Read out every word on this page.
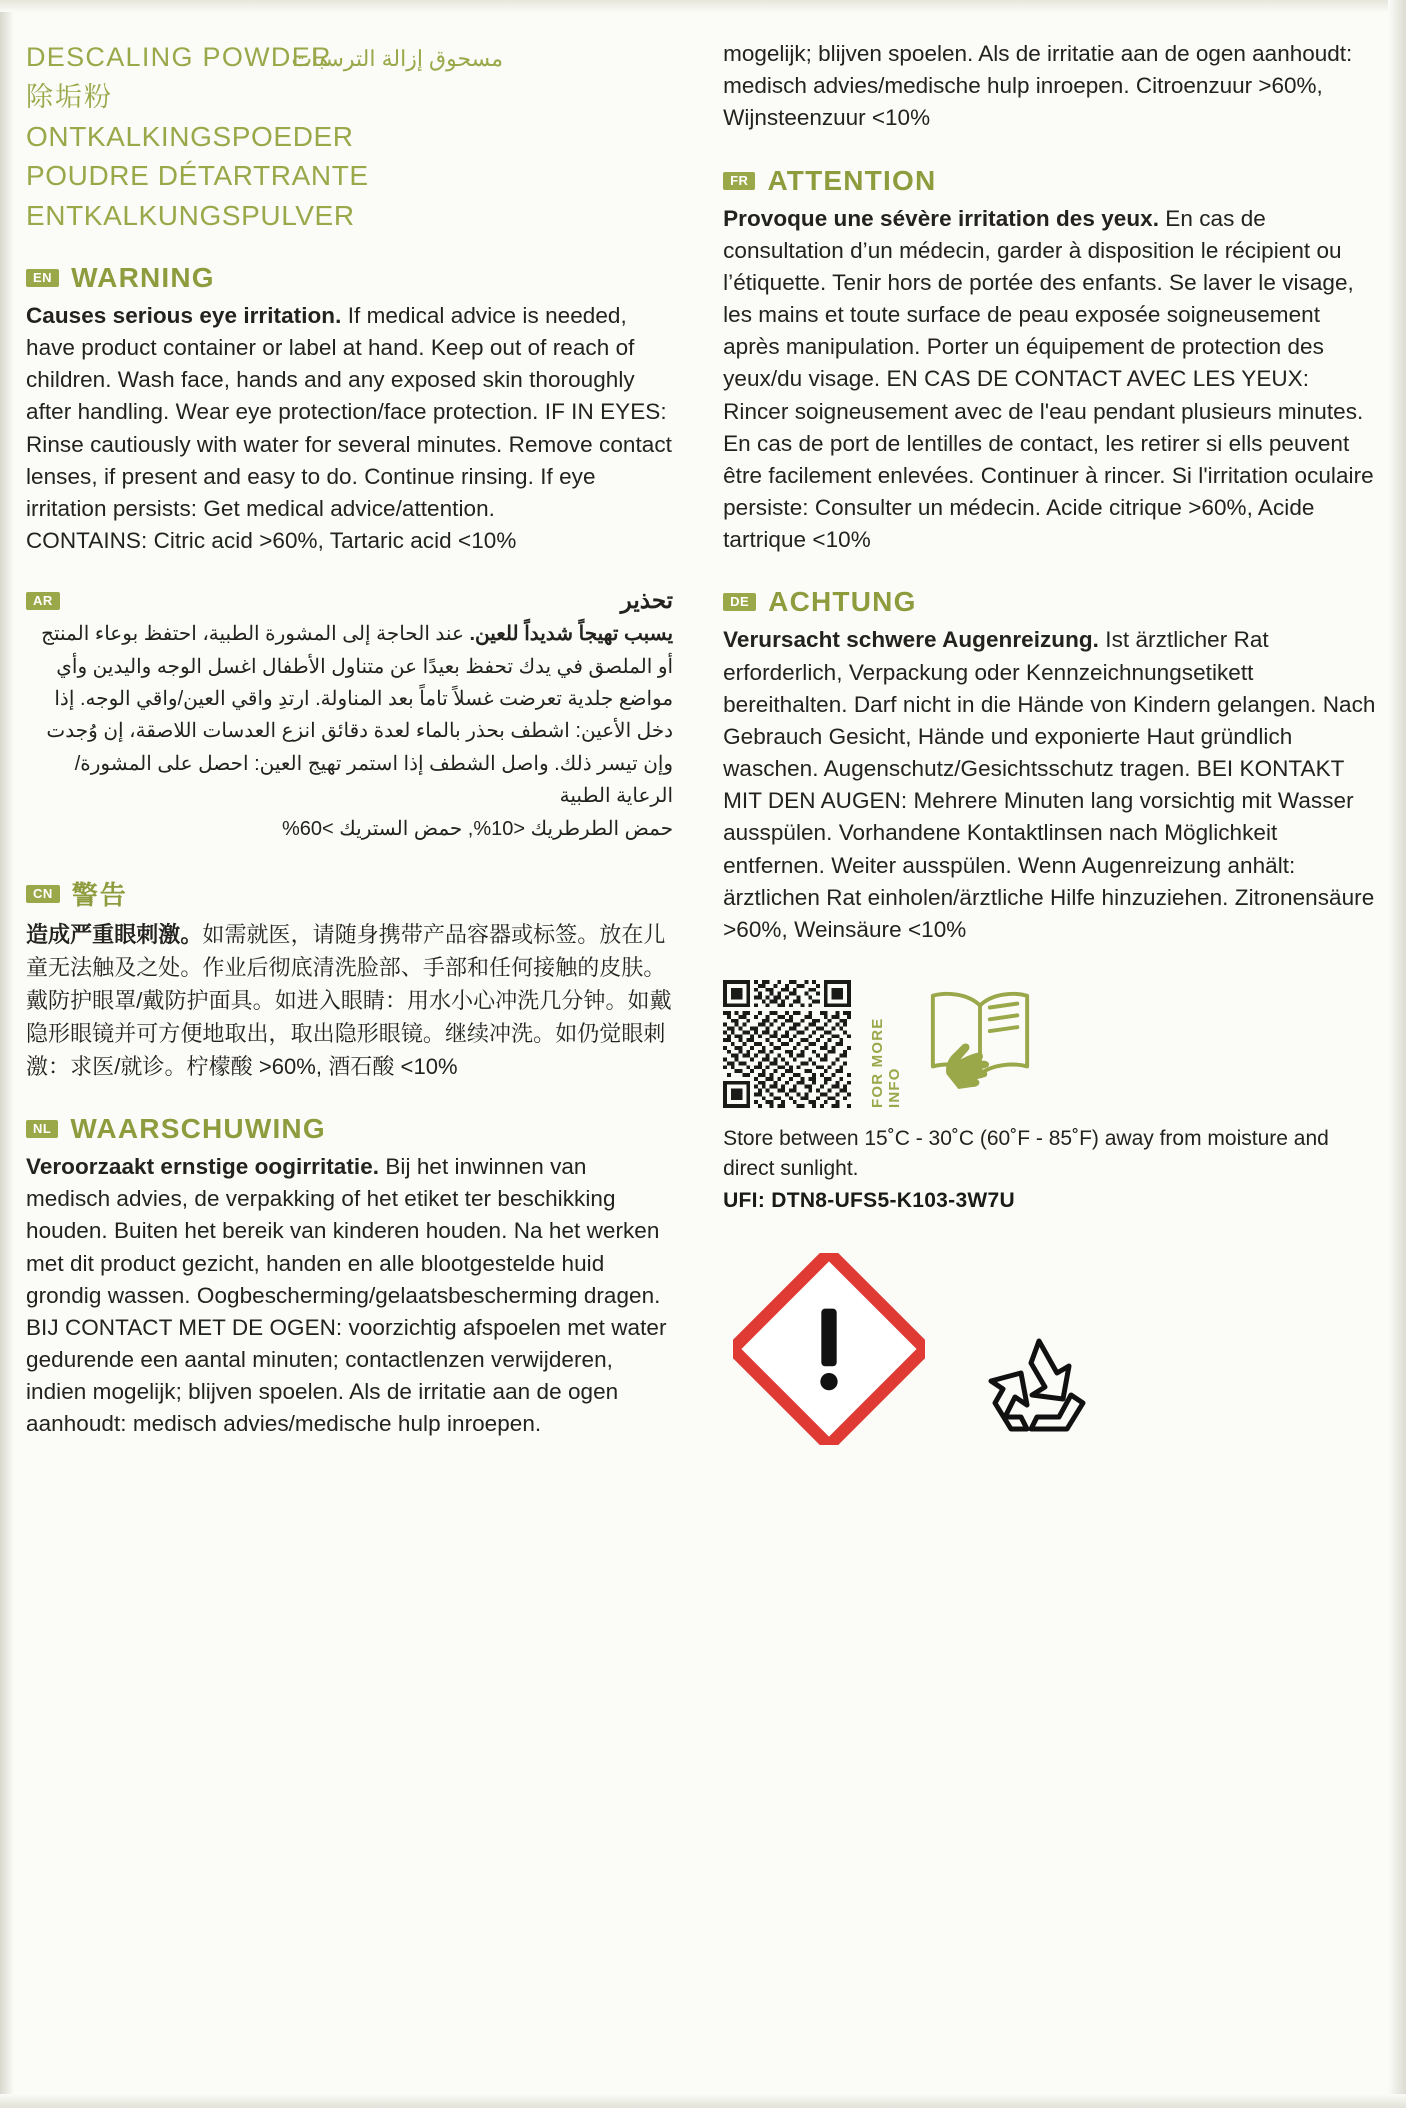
DESCALING POWDER
مسحوق إزالة الترسبات
除垢粉
ONTKALKINGSPOEDER
POUDRE DÉTARTRANTE
ENTKALKUNGSPULVER
EN WARNING
Causes serious eye irritation. If medical advice is needed, have product container or label at hand. Keep out of reach of children. Wash face, hands and any exposed skin thoroughly after handling. Wear eye protection/face protection. IF IN EYES: Rinse cautiously with water for several minutes. Remove contact lenses, if present and easy to do. Continue rinsing. If eye irritation persists: Get medical advice/attention.
CONTAINS: Citric acid >60%, Tartaric acid <10%
AR	تحذير
يسبب تهيجاً شديداً للعين. عند الحاجة إلى المشورة الطبية، احتفظ بوعاء المنتج أو الملصق في يدك تحفظ بعيدًا عن متناول الأطفال اغسل الوجه واليدين وأي مواضع جلدية تعرضت غسلاً تاماً بعد المناولة. ارتدِ واقي العين/واقي الوجه. إذا دخل الأعين: اشطف بحذر بالماء لعدة دقائق انزع العدسات اللاصقة، إن وُجدت وإن تيسر ذلك. واصل الشطف إذا استمر تهيج العين: احصل على المشورة/الرعاية الطبية
حمض الطرطريك <10%, حمض الستريك >60%
CN 警告
造成严重眼刺激。如需就医，请随身携带产品容器或标签。放在儿童无法触及之处。作业后彻底清洗脸部、手部和任何接触的皮肤。戴防护眼罩/戴防护面具。如进入眼睛：用水小心冲洗几分钟。如戴隐形眼镜并可方便地取出，取出隐形眼镜。继续冲洗。如仍觉眼刺激：求医/就诊。柠檬酸 >60%, 酒石酸 <10%
NL WAARSCHUWING
Veroorzaakt ernstige oogirritatie. Bij het inwinnen van medisch advies, de verpakking of het etiket ter beschikking houden. Buiten het bereik van kinderen houden. Na het werken met dit product gezicht, handen en alle blootgestelde huid grondig wassen. Oogbescherming/gelaatsbescherming dragen. BIJ CONTACT MET DE OGEN: voorzichtig afspoelen met water gedurende een aantal minuten; contactlenzen verwijderen, indien mogelijk; blijven spoelen. Als de irritatie aan de ogen aanhoudt: medisch advies/medische hulp inroepen.
mogelijk; blijven spoelen. Als de irritatie aan de ogen aanhoudt: medisch advies/medische hulp inroepen. Citroenzuur >60%, Wijnsteenzuur <10%
FR ATTENTION
Provoque une sévère irritation des yeux. En cas de consultation d’un médecin, garder à disposition le récipient ou l’étiquette. Tenir hors de portée des enfants. Se laver le visage, les mains et toute surface de peau exposée soigneusement après manipulation. Porter un équipement de protection des yeux/du visage. EN CAS DE CONTACT AVEC LES YEUX: Rincer soigneusement avec de l'eau pendant plusieurs minutes. En cas de port de lentilles de contact, les retirer si ells peuvent être facilement enlevées. Continuer à rincer. Si l'irritation oculaire persiste: Consulter un médecin. Acide citrique >60%, Acide tartrique <10%
DE ACHTUNG
Verursacht schwere Augenreizung. Ist ärztlicher Rat erforderlich, Verpackung oder Kennzeichnungsetikett bereithalten. Darf nicht in die Hände von Kindern gelangen. Nach Gebrauch Gesicht, Hände und exponierte Haut gründlich waschen. Augenschutz/Gesichtsschutz tragen. BEI KONTAKT MIT DEN AUGEN: Mehrere Minuten lang vorsichtig mit Wasser ausspülen. Vorhandene Kontaktlinsen nach Möglichkeit entfernen. Weiter ausspülen. Wenn Augenreizung anhält: ärztlichen Rat einholen/ärztliche Hilfe hinzuziehen. Zitronensäure >60%, Weinsäure <10%
FOR MORE INFO
Store between 15˚C - 30˚C (60˚F - 85˚F) away from moisture and direct sunlight.
UFI: DTN8-UFS5-K103-3W7U
